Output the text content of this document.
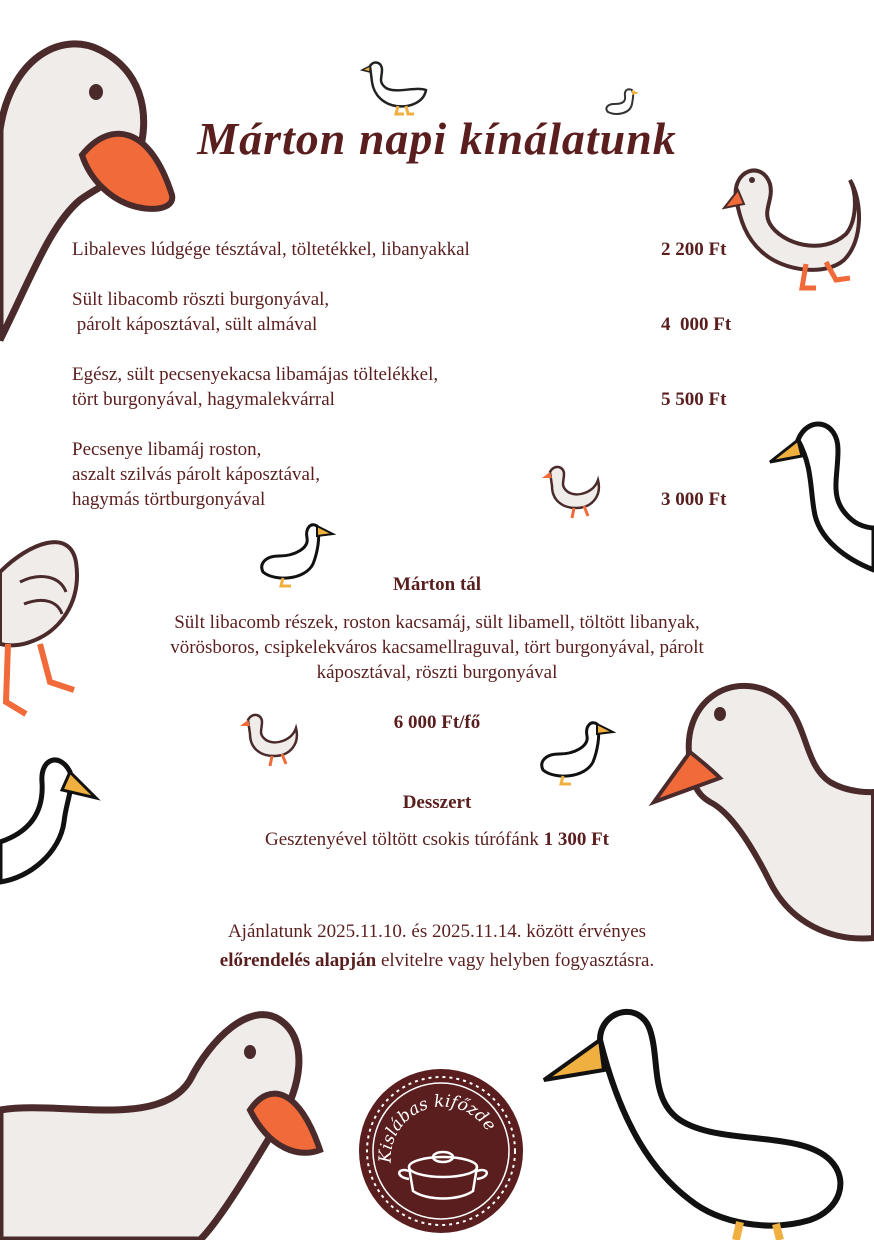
Márton napi kínálatunk
Libaleves lúdgége tésztával, töltetékkel, libanyakkal	2 200 Ft
Sült libacomb röszti burgonyával,
párolt káposztával, sült almával	4  000 Ft
Egész, sült pecsenyekacsa libamájas töltelékkel,
tört burgonyával, hagymalekvárral	5 500 Ft
Pecsenye libamáj roston,
aszalt szilvás párolt káposztával,
hagymás törtburgonyával	3 000 Ft
Márton tál
Sült libacomb részek, roston kacsamáj, sült libamell, töltött libanyak,
vörösboros, csipkelekváros kacsamellraguval, tört burgonyával, párolt
káposztával, röszti burgonyával
6 000 Ft/fő
Desszert
Gesztenyével töltött csokis túrófánk 1 300 Ft
Ajánlatunk 2025.11.10. és 2025.11.14. között érvényes
előrendelés alapján elvitelre vagy helyben fogyasztásra.
Kislábas kifőzde
